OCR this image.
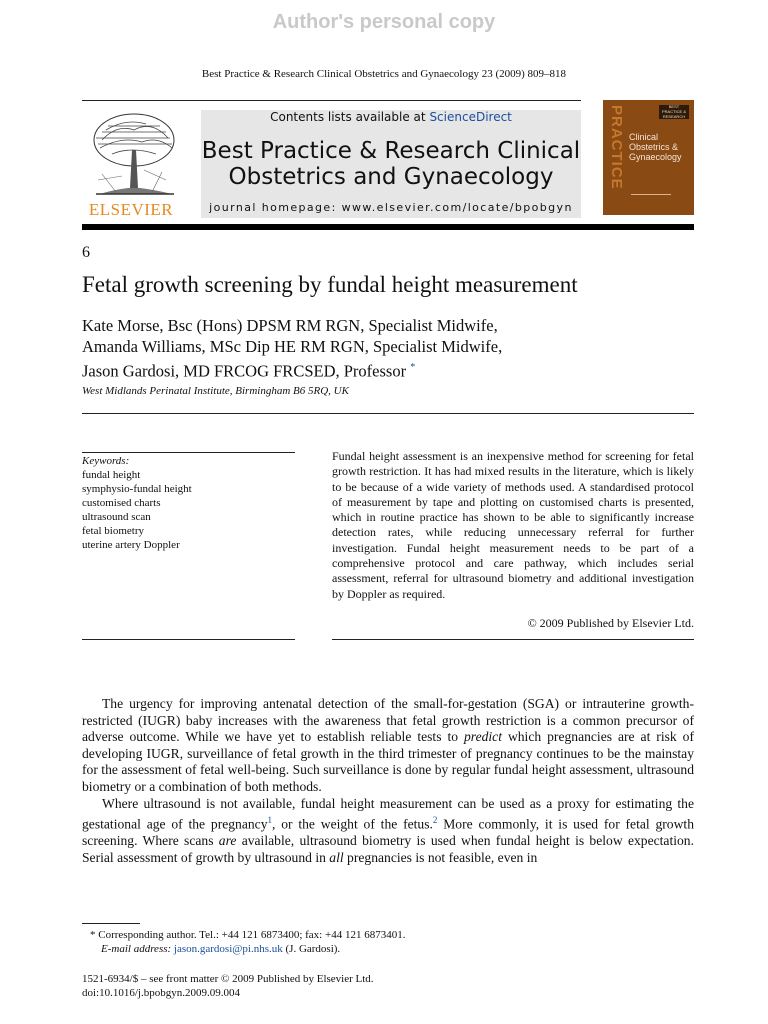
Author's personal copy
Best Practice & Research Clinical Obstetrics and Gynaecology 23 (2009) 809–818
ELSEVIER
Contents lists available at ScienceDirect
Best Practice & Research Clinical
Obstetrics and Gynaecology
journal homepage: www.elsevier.com/locate/bpobgyn
PRACTICE	BEST PRACTICE & RESEARCH
Clinical
Obstetrics &
Gynaecology
6
Fetal growth screening by fundal height measurement
Kate Morse, Bsc (Hons) DPSM RM RGN, Specialist Midwife,
Amanda Williams, MSc Dip HE RM RGN, Specialist Midwife,
Jason Gardosi, MD FRCOG FRCSED, Professor *
West Midlands Perinatal Institute, Birmingham B6 5RQ, UK
Keywords:
fundal height
symphysio-fundal height
customised charts
ultrasound scan
fetal biometry
uterine artery Doppler
Fundal height assessment is an inexpensive method for screening for fetal growth restriction. It has had mixed results in the literature, which is likely to be because of a wide variety of methods used. A standardised protocol of measurement by tape and plotting on customised charts is presented, which in routine practice has shown to be able to significantly increase detection rates, while reducing unnecessary referral for further investigation. Fundal height measurement needs to be part of a comprehensive protocol and care pathway, which includes serial assessment, referral for ultrasound biometry and additional investigation by Doppler as required.
© 2009 Published by Elsevier Ltd.

The urgency for improving antenatal detection of the small-for-gestation (SGA) or intrauterine growth-restricted (IUGR) baby increases with the awareness that fetal growth restriction is a common precursor of adverse outcome. While we have yet to establish reliable tests to predict which pregnancies are at risk of developing IUGR, surveillance of fetal growth in the third trimester of pregnancy continues to be the mainstay for the assessment of fetal well-being. Such surveillance is done by regular fundal height assessment, ultrasound biometry or a combination of both methods.

Where ultrasound is not available, fundal height measurement can be used as a proxy for estimating the gestational age of the pregnancy$^1$, or the weight of the fetus.$^2$ More commonly, it is used for fetal growth screening. Where scans are available, ultrasound biometry is used when fundal height is below expectation. Serial assessment of growth by ultrasound in all pregnancies is not feasible, even in

* Corresponding author. Tel.: +44 121 6873400; fax: +44 121 6873401.
E-mail address: jason.gardosi@pi.nhs.uk (J. Gardosi).
1521-6934/$ – see front matter © 2009 Published by Elsevier Ltd.
doi:10.1016/j.bpobgyn.2009.09.004
